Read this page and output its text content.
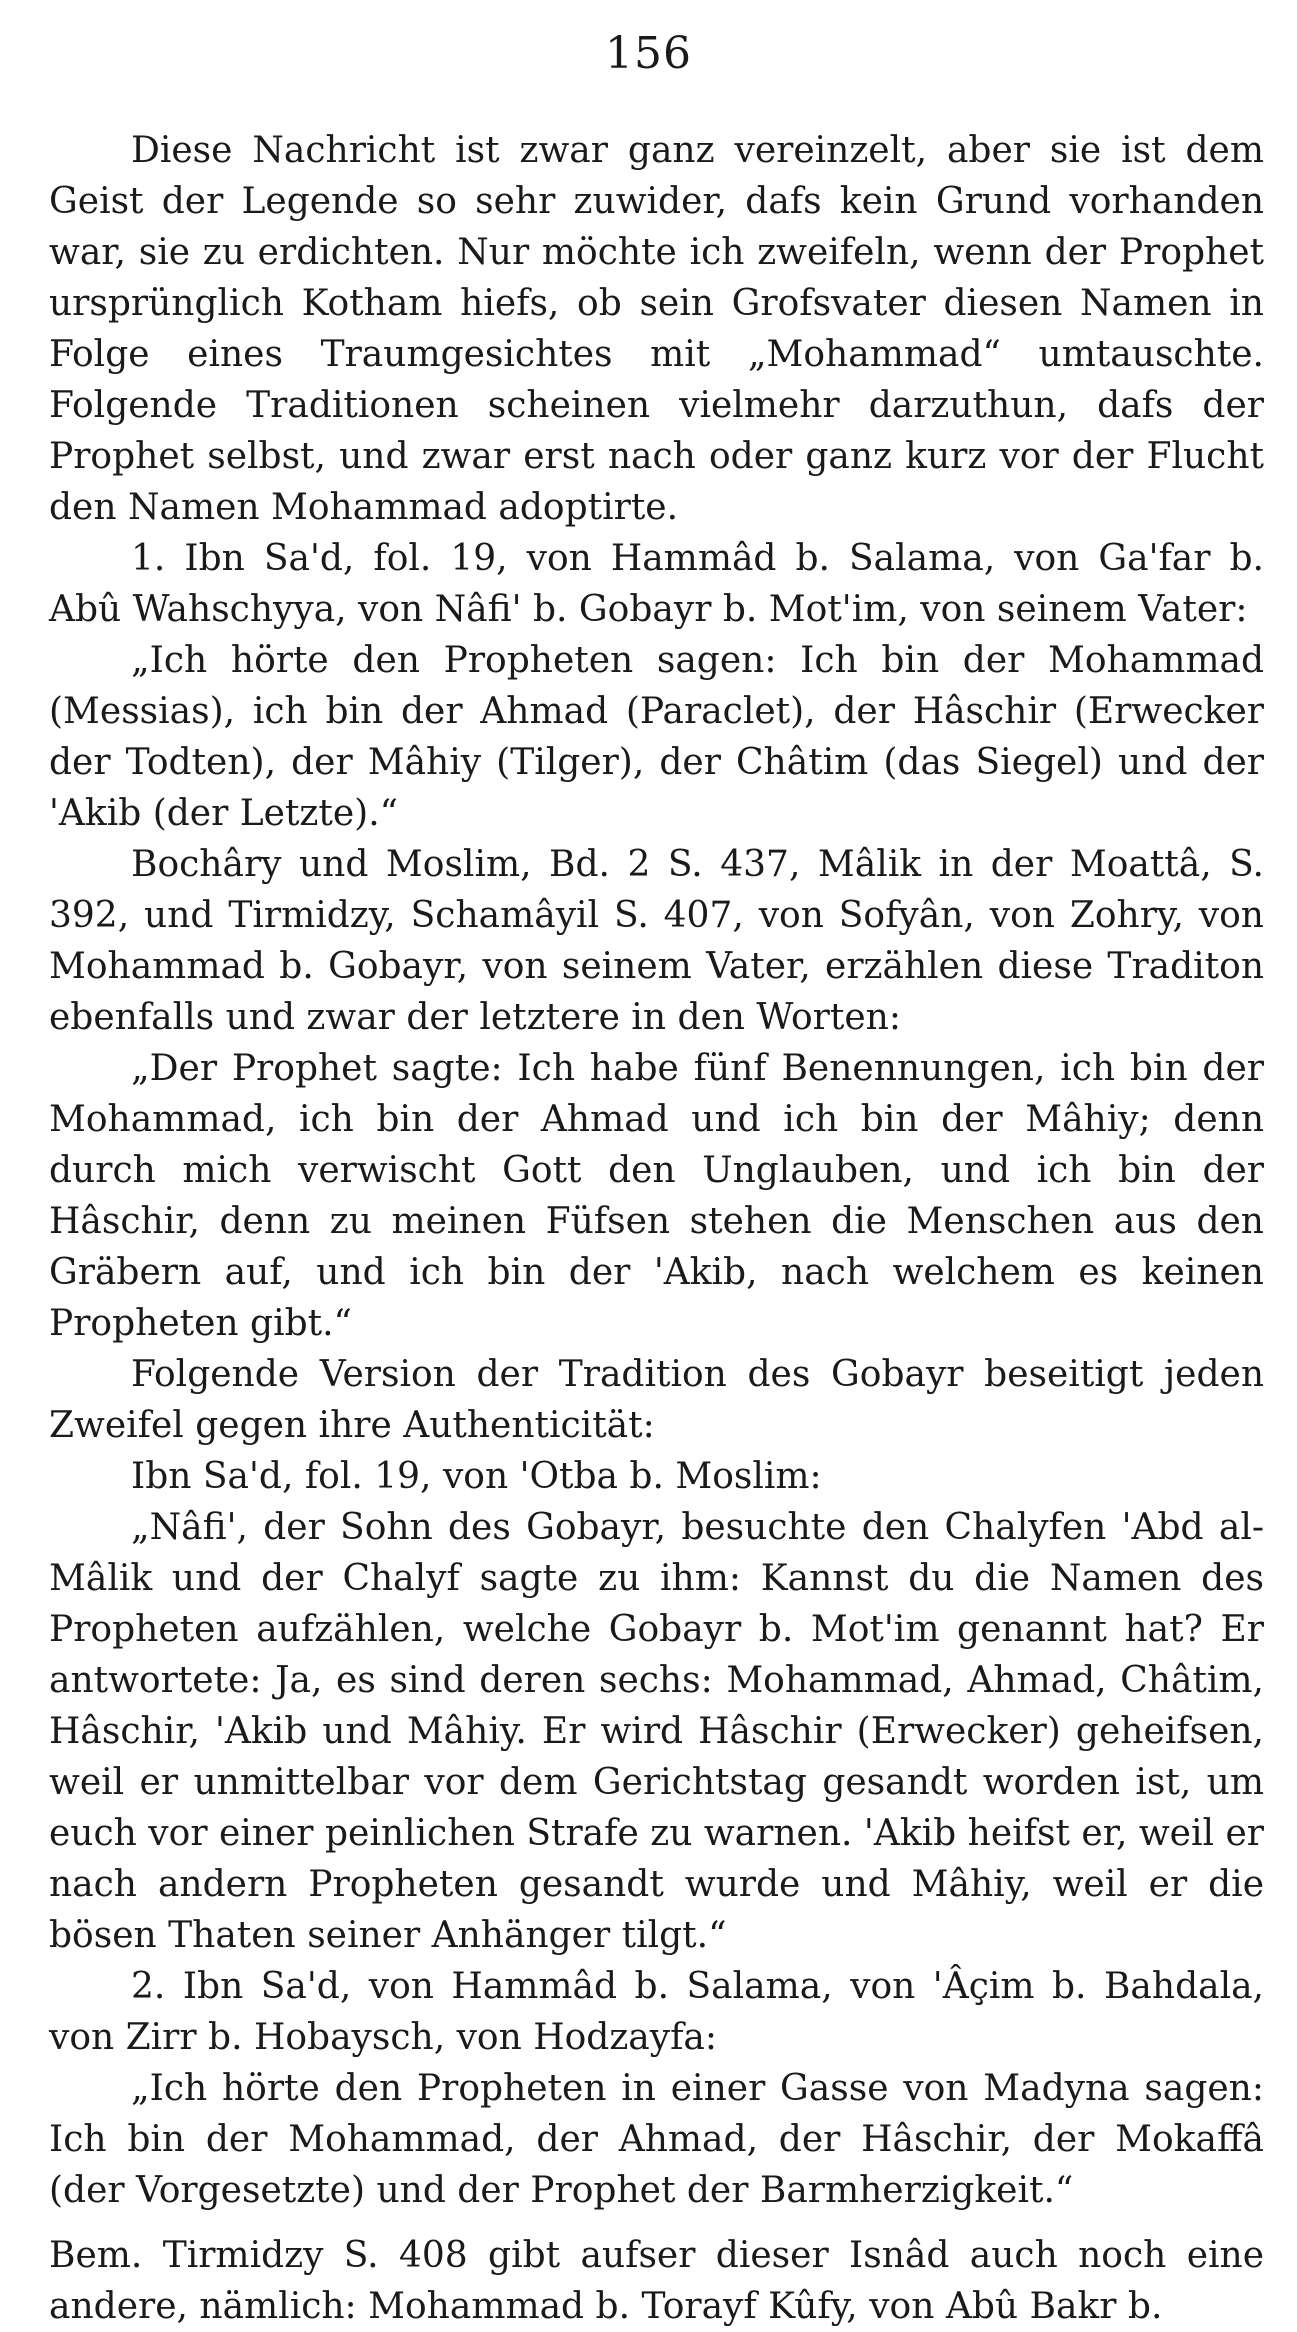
156

Diese Nachricht ist zwar ganz vereinzelt, aber sie ist dem Geist der Legende so sehr zuwider, dafs kein Grund vorhanden war, sie zu erdichten. Nur möchte ich zweifeln, wenn der Prophet ursprünglich Kotham hiefs, ob sein Grofsvater diesen Namen in Folge eines Traumgesichtes mit „Mohammad“ umtauschte. Folgende Traditionen scheinen vielmehr darzuthun, dafs der Prophet selbst, und zwar erst nach oder ganz kurz vor der Flucht den Namen Mohammad adoptirte.

1. Ibn Sa'd, fol. 19, von Hammâd b. Salama, von Ga'far b. Abû Wahschyya, von Nâfi' b. Gobayr b. Mot'im, von seinem Vater:

„Ich hörte den Propheten sagen: Ich bin der Mohammad (Messias), ich bin der Ahmad (Paraclet), der Hâschir (Erwecker der Todten), der Mâhiy (Tilger), der Châtim (das Siegel) und der 'Akib (der Letzte).“

Bochâry und Moslim, Bd. 2 S. 437, Mâlik in der Moattâ, S. 392, und Tirmidzy, Schamâyil S. 407, von Sofyân, von Zohry, von Mohammad b. Gobayr, von seinem Vater, erzählen diese Traditon ebenfalls und zwar der letztere in den Worten:

„Der Prophet sagte: Ich habe fünf Benennungen, ich bin der Mohammad, ich bin der Ahmad und ich bin der Mâhiy; denn durch mich verwischt Gott den Unglauben, und ich bin der Hâschir, denn zu meinen Füfsen stehen die Menschen aus den Gräbern auf, und ich bin der 'Akib, nach welchem es keinen Propheten gibt.“

Folgende Version der Tradition des Gobayr beseitigt jeden Zweifel gegen ihre Authenticität:

Ibn Sa'd, fol. 19, von 'Otba b. Moslim:

„Nâfi', der Sohn des Gobayr, besuchte den Chalyfen 'Abd al-Mâlik und der Chalyf sagte zu ihm: Kannst du die Namen des Propheten aufzählen, welche Gobayr b. Mot'im genannt hat? Er antwortete: Ja, es sind deren sechs: Mohammad, Ahmad, Châtim, Hâschir, 'Akib und Mâhiy. Er wird Hâschir (Erwecker) geheifsen, weil er unmittelbar vor dem Gerichtstag gesandt worden ist, um euch vor einer peinlichen Strafe zu warnen. 'Akib heifst er, weil er nach andern Propheten gesandt wurde und Mâhiy, weil er die bösen Thaten seiner Anhänger tilgt.“

2. Ibn Sa'd, von Hammâd b. Salama, von 'Âçim b. Bahdala, von Zirr b. Hobaysch, von Hodzayfa:

„Ich hörte den Propheten in einer Gasse von Madyna sagen: Ich bin der Mohammad, der Ahmad, der Hâschir, der Mokaffâ (der Vorgesetzte) und der Prophet der Barmherzigkeit.“

Bem. Tirmidzy S. 408 gibt aufser dieser Isnâd auch noch eine andere, nämlich: Mohammad b. Torayf Kûfy, von Abû Bakr b.
